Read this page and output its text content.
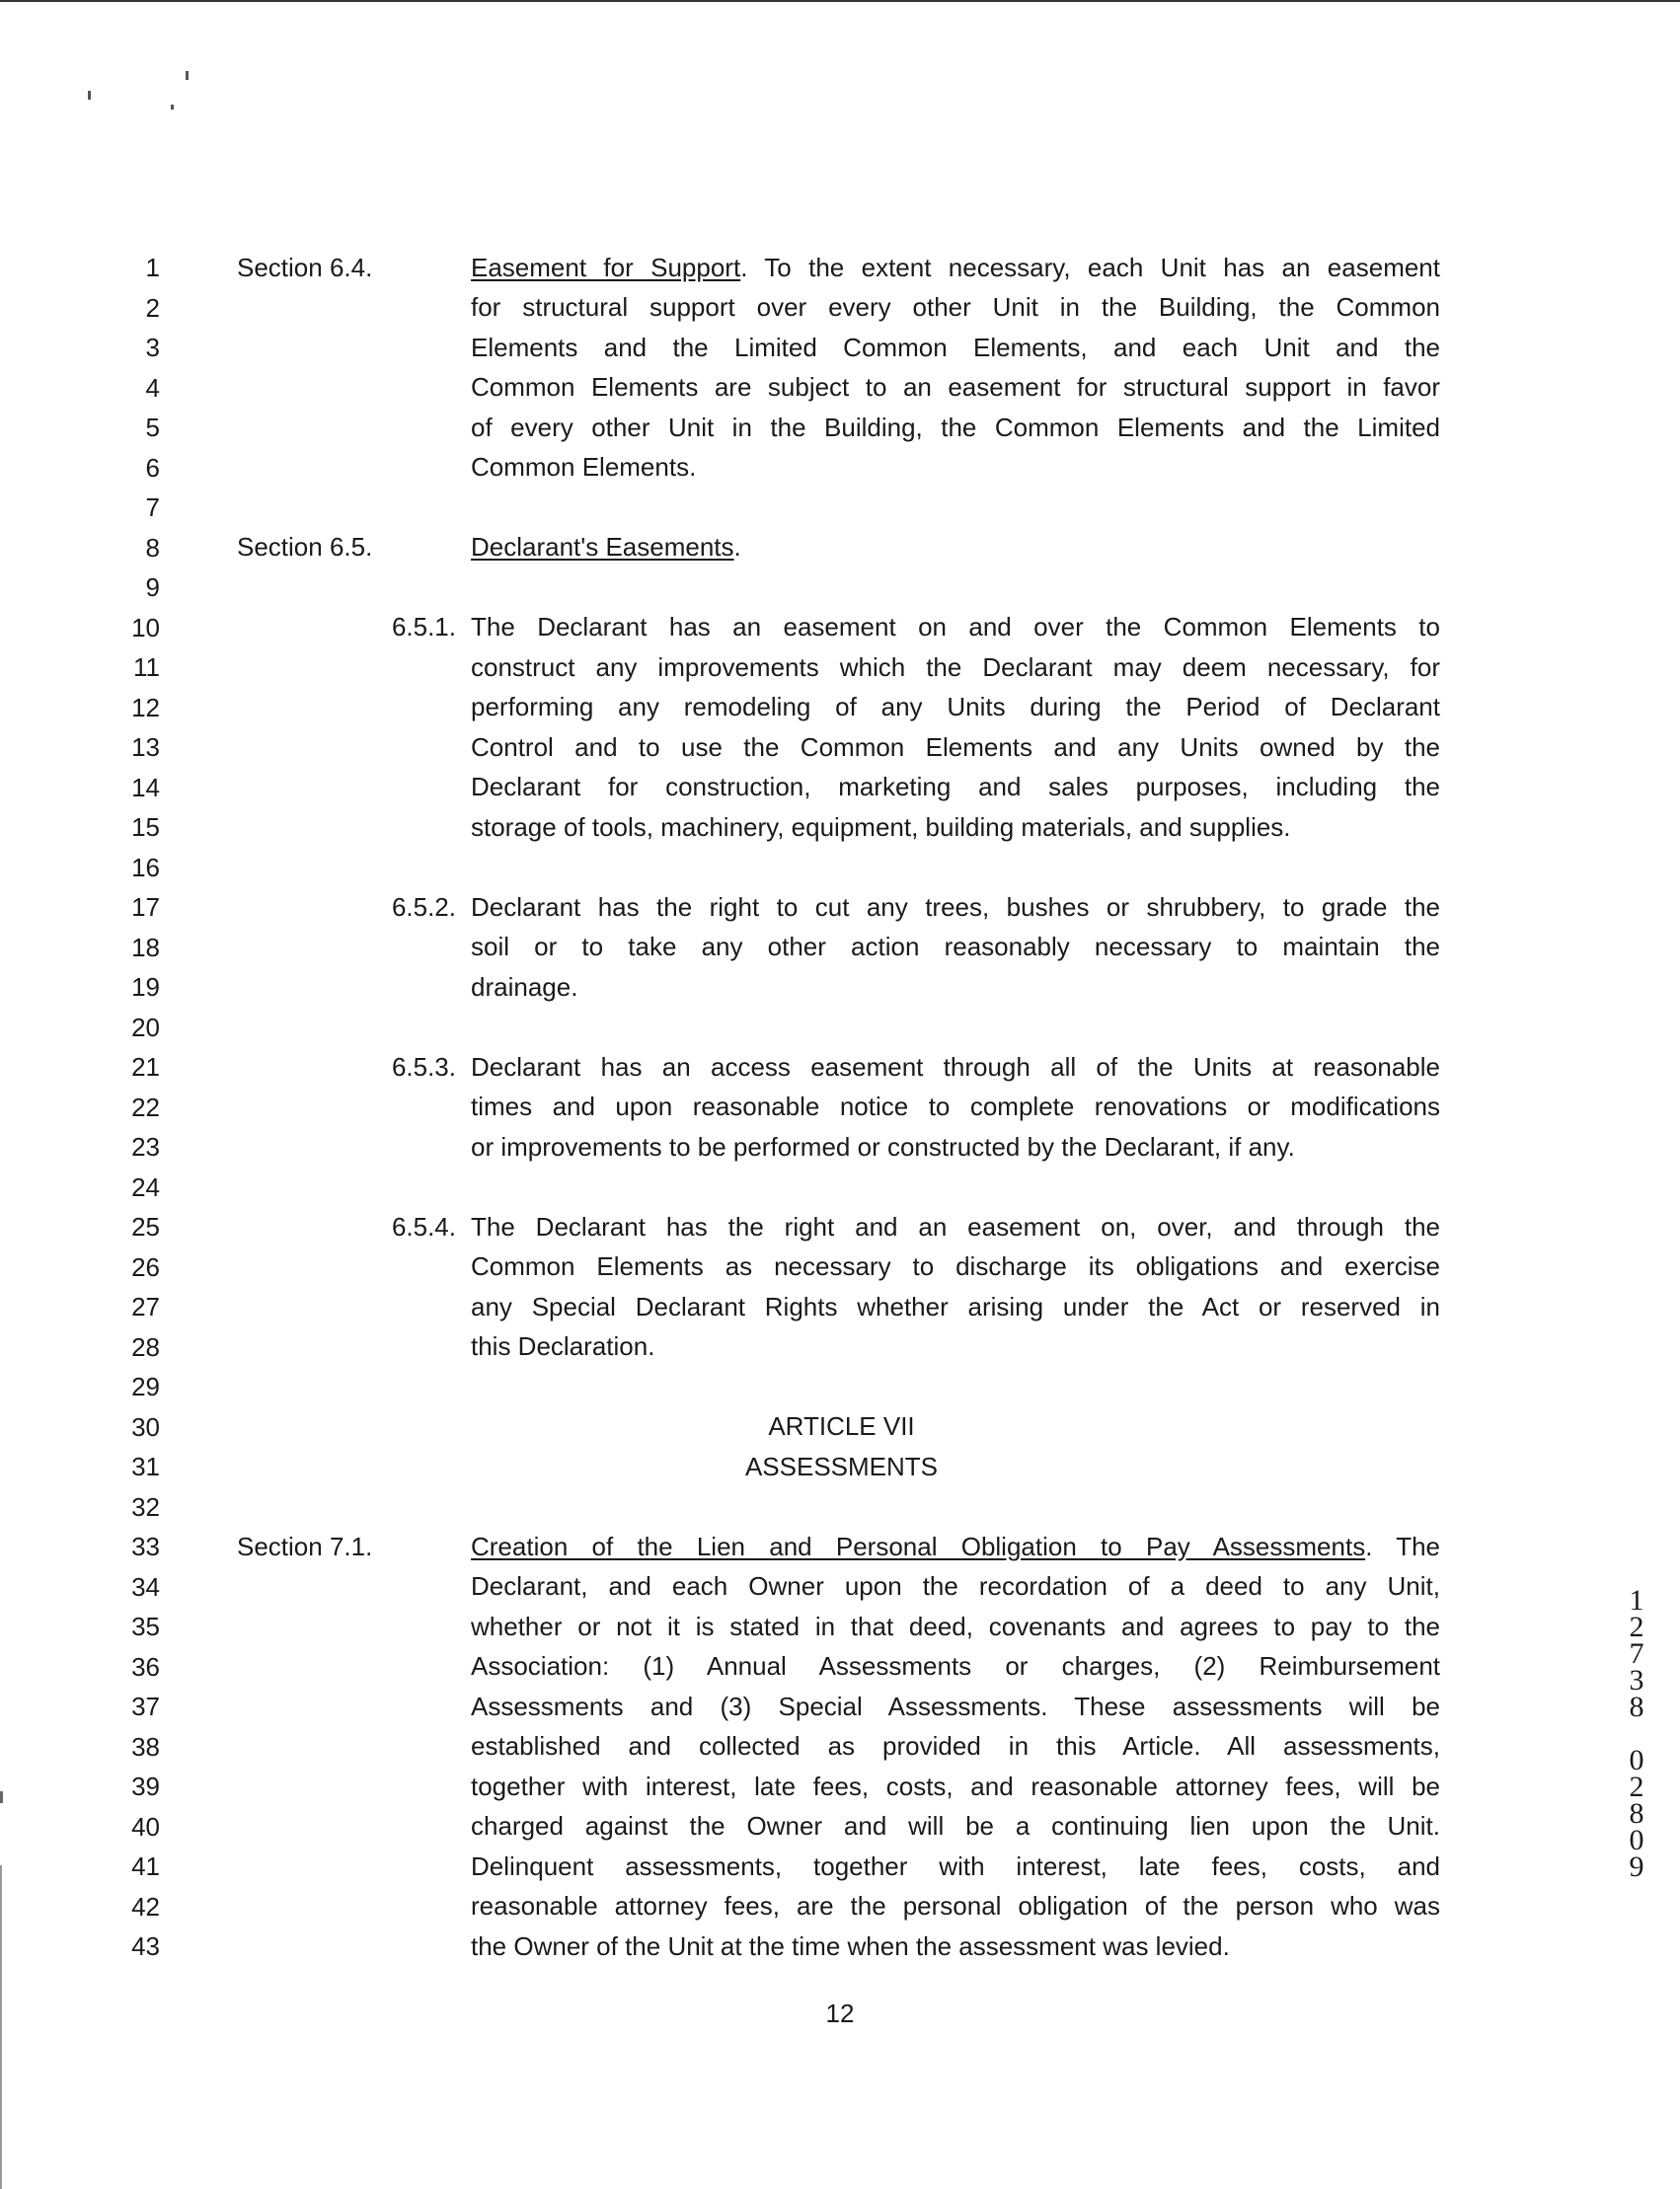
1
2
3
4
5
6
7
8
9
10
11
12
13
14
15
16
17
18
19
20
21
22
23
24
25
26
27
28
29
30
31
32
33
34
35
36
37
38
39
40
41
42
43
Section 6.4.	Easement for Support. To the extent necessary, each Unit has an easement
for structural support over every other Unit in the Building, the Common
Elements and the Limited Common Elements, and each Unit and the
Common Elements are subject to an easement for structural support in favor
of every other Unit in the Building, the Common Elements and the Limited
Common Elements.
Section 6.5.	Declarant's Easements.
6.5.1. The Declarant has an easement on and over the Common Elements to
construct any improvements which the Declarant may deem necessary, for
performing any remodeling of any Units during the Period of Declarant
Control and to use the Common Elements and any Units owned by the
Declarant for construction, marketing and sales purposes, including the
storage of tools, machinery, equipment, building materials, and supplies.
6.5.2. Declarant has the right to cut any trees, bushes or shrubbery, to grade the
soil or to take any other action reasonably necessary to maintain the
drainage.
6.5.3. Declarant has an access easement through all of the Units at reasonable
times and upon reasonable notice to complete renovations or modifications
or improvements to be performed or constructed by the Declarant, if any.
6.5.4. The Declarant has the right and an easement on, over, and through the
Common Elements as necessary to discharge its obligations and exercise
any Special Declarant Rights whether arising under the Act or reserved in
this Declaration.
ARTICLE VII
ASSESSMENTS
Section 7.1.	Creation of the Lien and Personal Obligation to Pay Assessments. The
Declarant, and each Owner upon the recordation of a deed to any Unit,
whether or not it is stated in that deed, covenants and agrees to pay to the
Association: (1) Annual Assessments or charges, (2) Reimbursement
Assessments and (3) Special Assessments. These assessments will be
established and collected as provided in this Article. All assessments,
together with interest, late fees, costs, and reasonable attorney fees, will be
charged against the Owner and will be a continuing lien upon the Unit.
Delinquent assessments, together with interest, late fees, costs, and
reasonable attorney fees, are the personal obligation of the person who was
the Owner of the Unit at the time when the assessment was levied.
12
1
2
7
3
8

0
2
8
0
9
